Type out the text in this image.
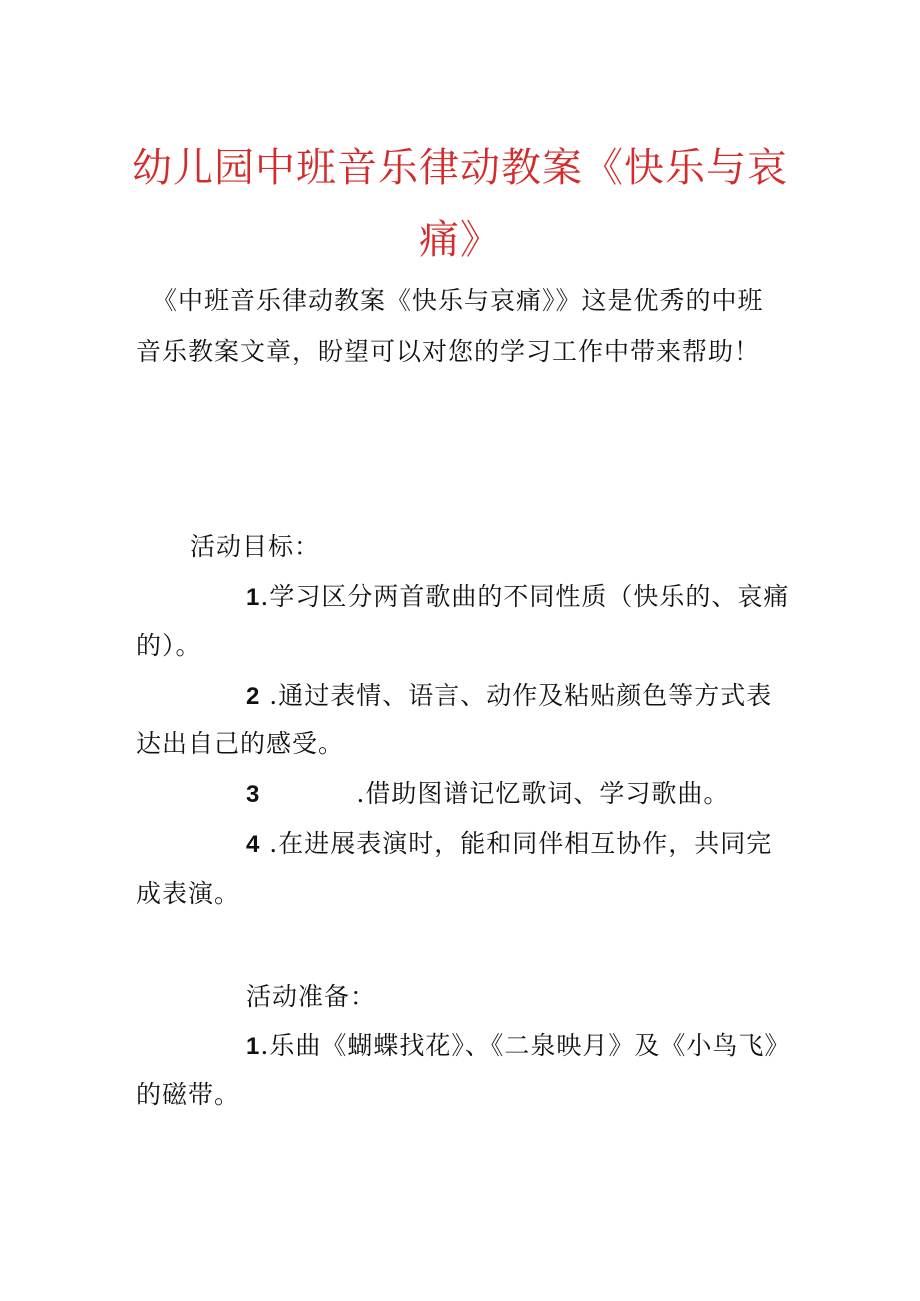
幼儿园中班音乐律动教案《快乐与哀
痛》
《中班音乐律动教案《快乐与哀痛》》这是优秀的中班
音乐教案文章，盼望可以对您的学习工作中带来帮助！
活动目标：
1.学习区分两首歌曲的不同性质（快乐的、哀痛
的）。
2 .通过表情、语言、动作及粘贴颜色等方式表
达出自己的感受。
3	.借助图谱记忆歌词、学习歌曲。
4 .在进展表演时，能和同伴相互协作，共同完
成表演。
活动准备：
1.乐曲《蝴蝶找花》、《二泉映月》及《小鸟飞》
的磁带。
